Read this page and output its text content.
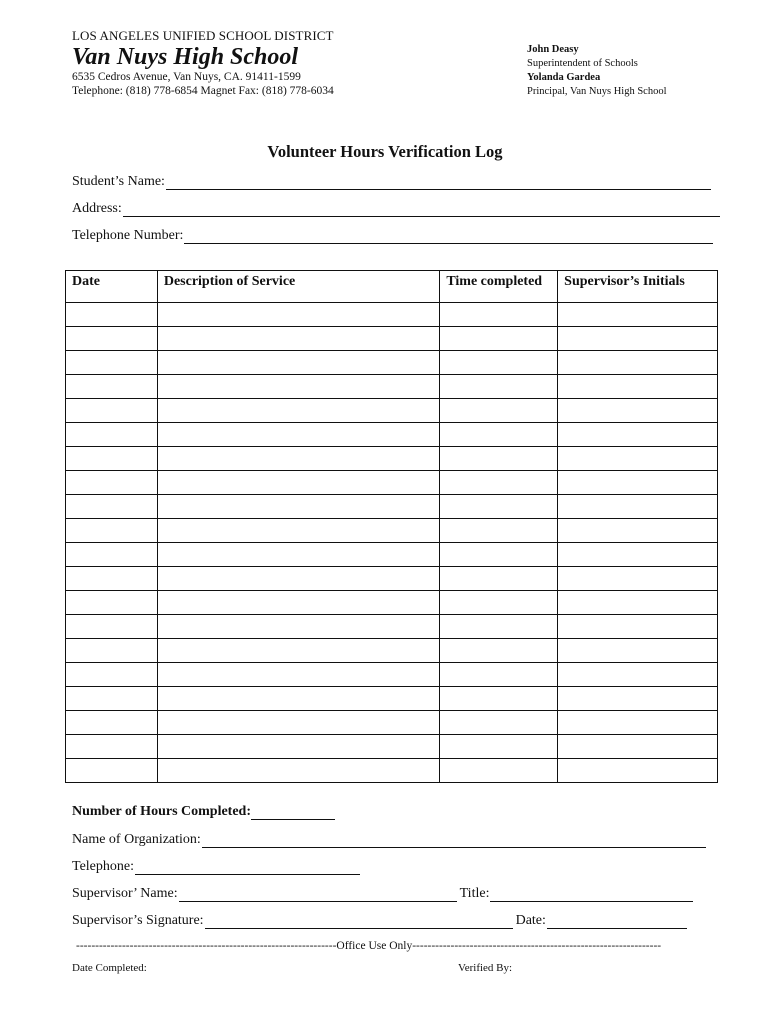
LOS ANGELES UNIFIED SCHOOL DISTRICT
Van Nuys High School
6535 Cedros Avenue, Van Nuys, CA. 91411-1599
Telephone: (818) 778-6854 Magnet Fax: (818) 778-6034
John Deasy
Superintendent of Schools
Yolanda Gardea
Principal, Van Nuys High School
Volunteer Hours Verification Log
Student’s Name:
Address:
Telephone Number:
Date	Description of Service	Time completed	Supervisor’s Initials

Number of Hours Completed:
Name of Organization:
Telephone:
Supervisor’ Name:	Title:
Supervisor’s Signature:	Date:
--------------------------------------------------------------------Office Use Only-----------------------------------------------------------------
Date Completed:	Verified By:
